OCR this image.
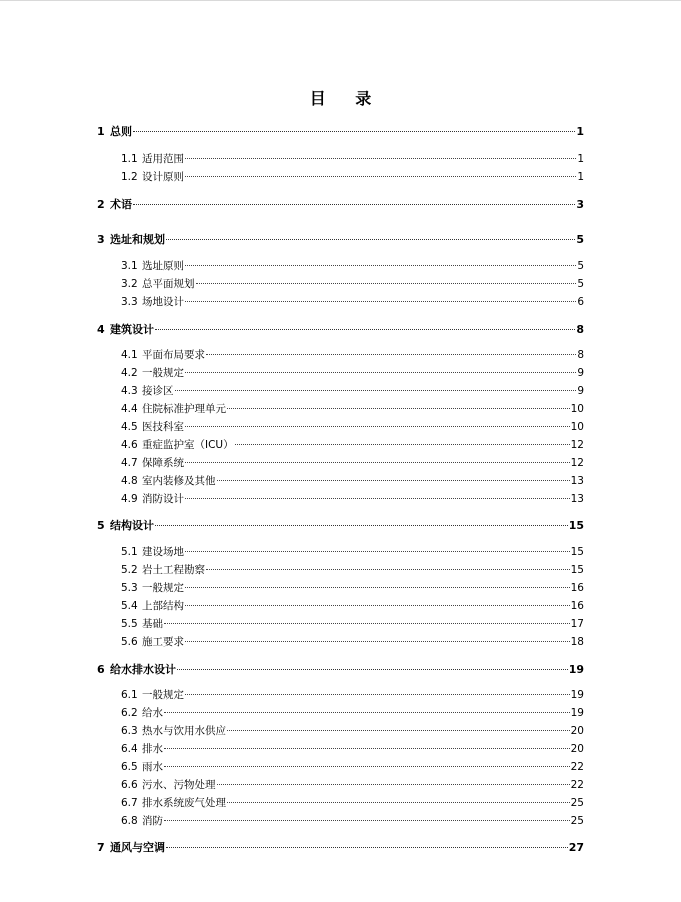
目 录
1 总则	1
1.1 适用范围	1
1.2 设计原则	1
2 术语	3
3 选址和规划	5
3.1 选址原则	5
3.2 总平面规划	5
3.3 场地设计	6
4 建筑设计	8
4.1 平面布局要求	8
4.2 一般规定	9
4.3 接诊区	9
4.4 住院标准护理单元	10
4.5 医技科室	10
4.6 重症监护室（ICU）	12
4.7 保障系统	12
4.8 室内装修及其他	13
4.9 消防设计	13
5 结构设计	15
5.1 建设场地	15
5.2 岩土工程勘察	15
5.3 一般规定	16
5.4 上部结构	16
5.5 基础	17
5.6 施工要求	18
6 给水排水设计	19
6.1 一般规定	19
6.2 给水	19
6.3 热水与饮用水供应	20
6.4 排水	20
6.5 雨水	22
6.6 污水、污物处理	22
6.7 排水系统废气处理	25
6.8 消防	25
7 通风与空调	27
